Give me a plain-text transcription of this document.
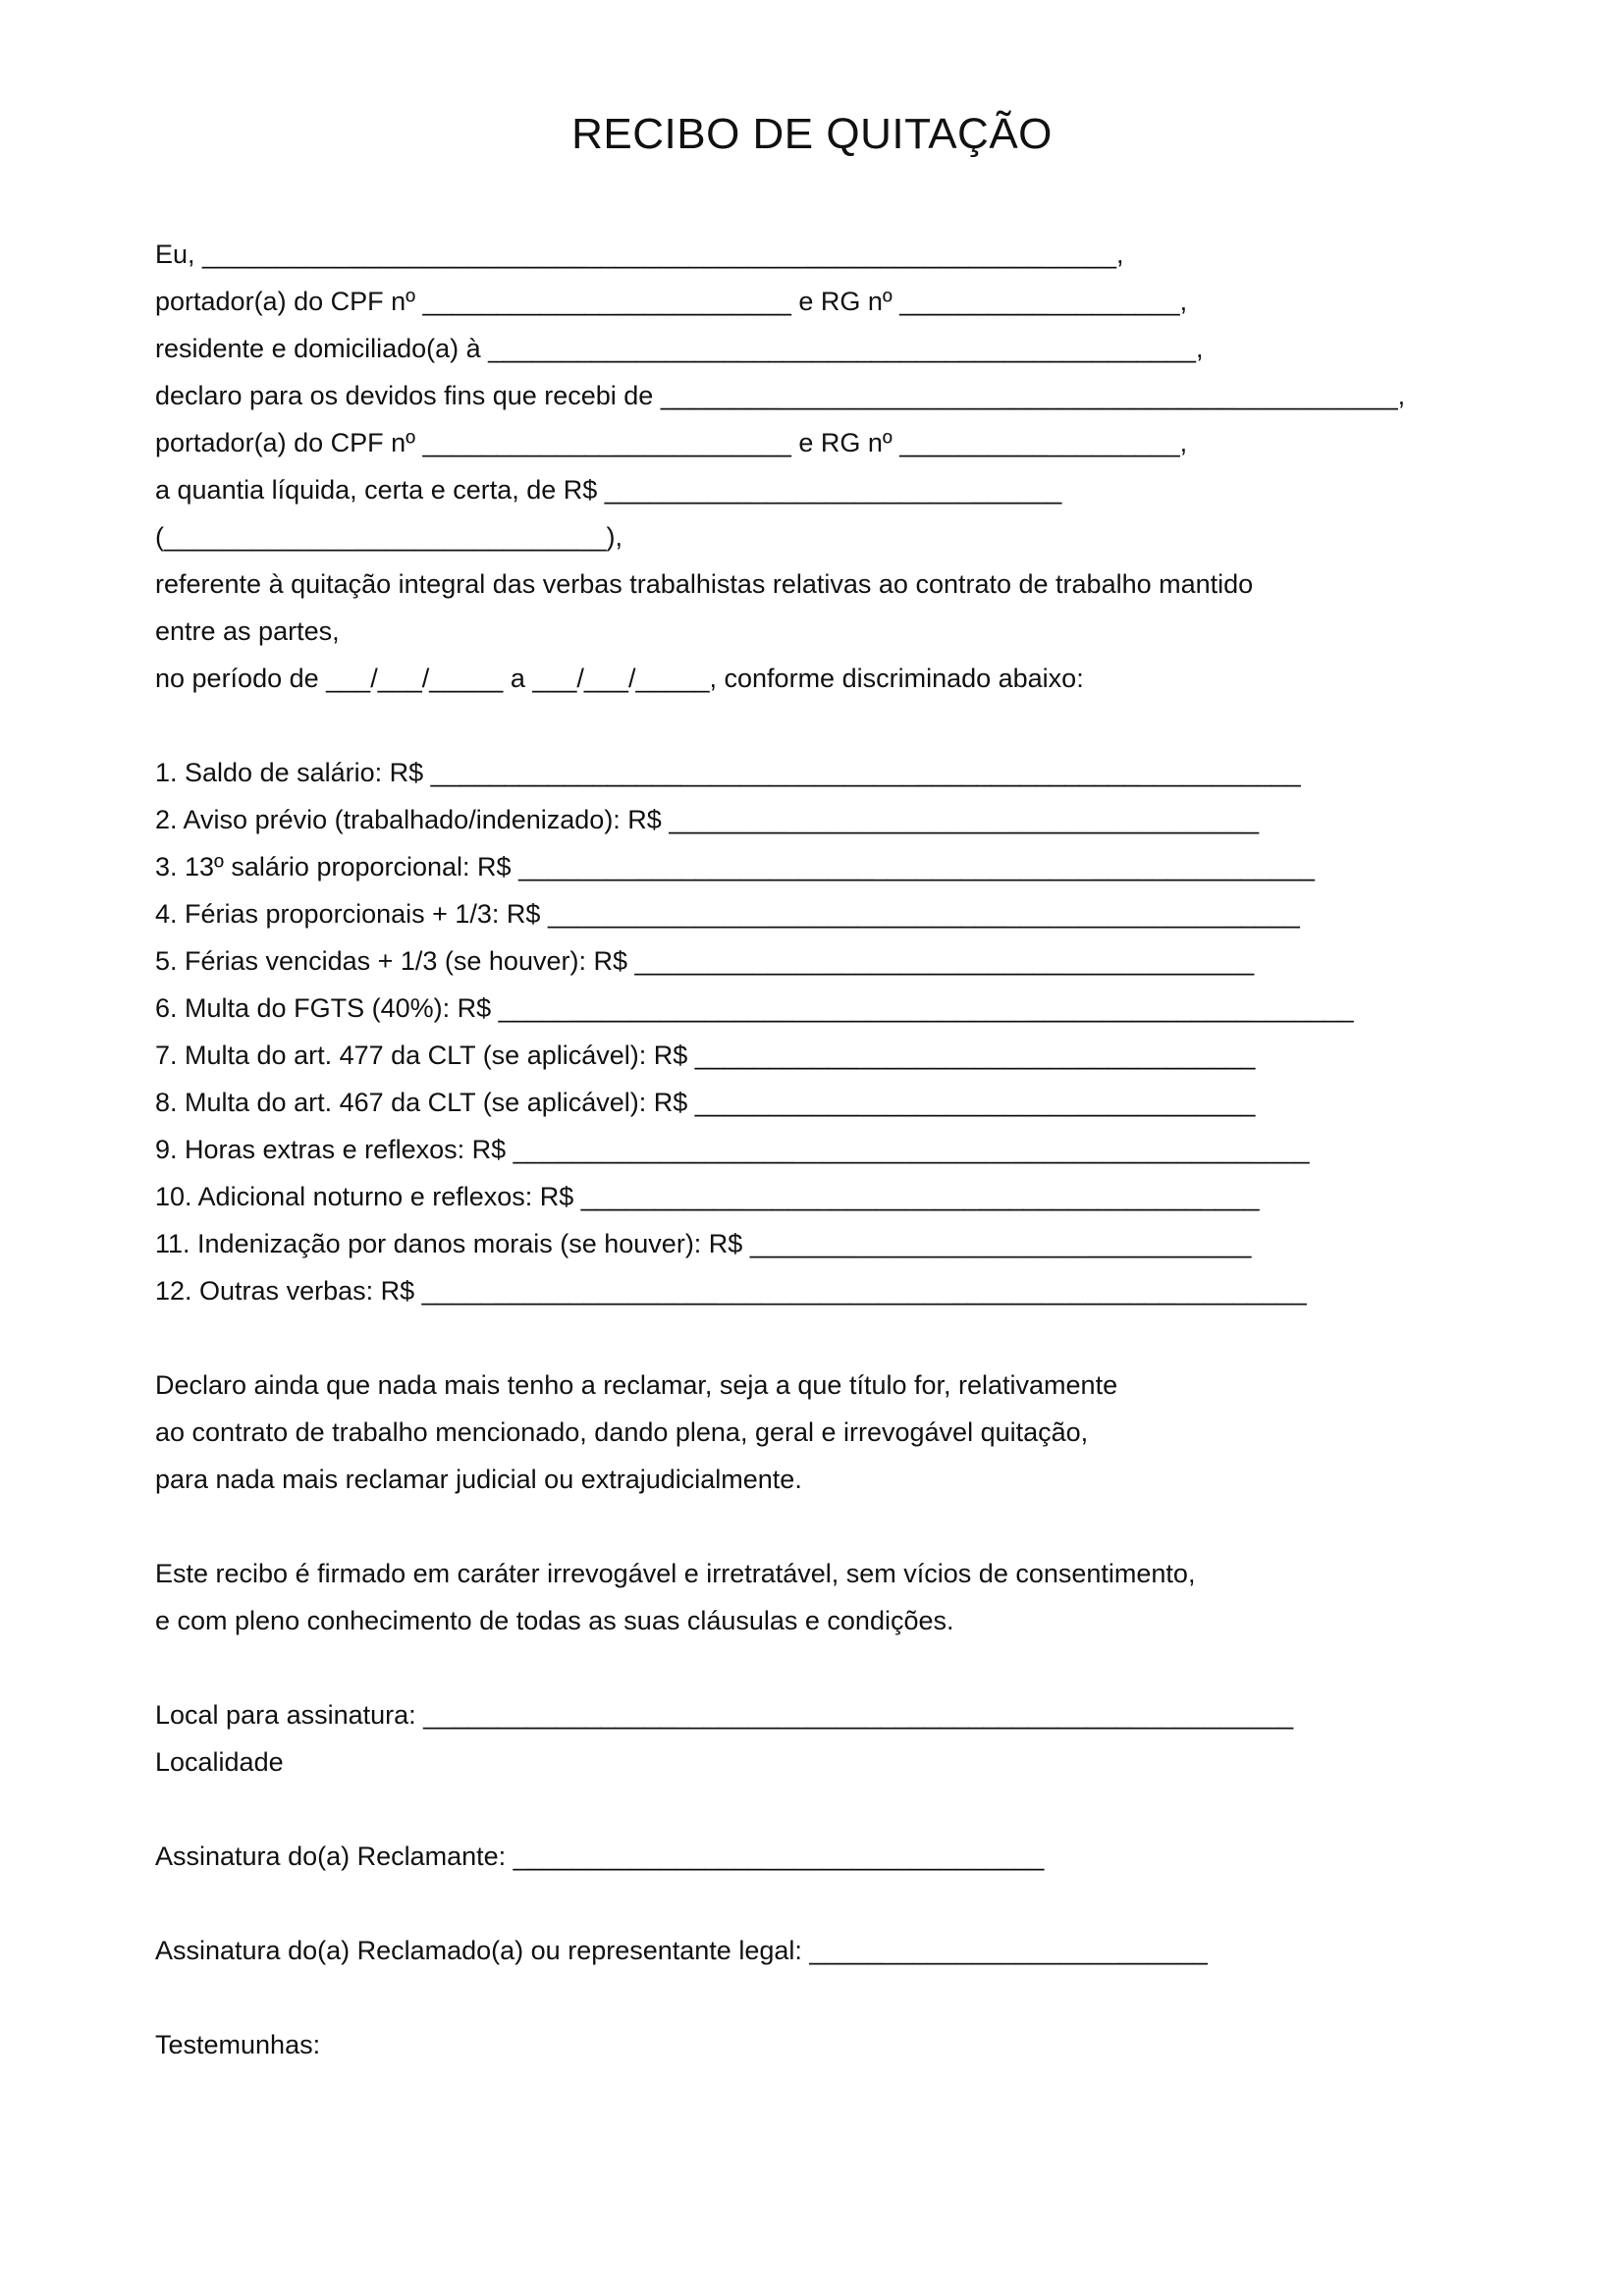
RECIBO DE QUITAÇÃO
Eu, ______________________________________________________________,
portador(a) do CPF nº _________________________ e RG nº ___________________,
residente e domiciliado(a) à ________________________________________________,
declaro para os devidos fins que recebi de __________________________________________________,
portador(a) do CPF nº _________________________ e RG nº ___________________,
a quantia líquida, certa e certa, de R$ _______________________________
(______________________________),
referente à quitação integral das verbas trabalhistas relativas ao contrato de trabalho mantido
entre as partes,
no período de ___/___/_____ a ___/___/_____, conforme discriminado abaixo:
1. Saldo de salário: R$ ___________________________________________________________
2. Aviso prévio (trabalhado/indenizado): R$ ________________________________________
3. 13º salário proporcional: R$ ______________________________________________________
4. Férias proporcionais + 1/3: R$ ___________________________________________________
5. Férias vencidas + 1/3 (se houver): R$ __________________________________________
6. Multa do FGTS (40%): R$ __________________________________________________________
7. Multa do art. 477 da CLT (se aplicável): R$ ______________________________________
8. Multa do art. 467 da CLT (se aplicável): R$ ______________________________________
9. Horas extras e reflexos: R$ ______________________________________________________
10. Adicional noturno e reflexos: R$ ______________________________________________
11. Indenização por danos morais (se houver): R$ __________________________________
12. Outras verbas: R$ ____________________________________________________________
Declaro ainda que nada mais tenho a reclamar, seja a que título for, relativamente
ao contrato de trabalho mencionado, dando plena, geral e irrevogável quitação,
para nada mais reclamar judicial ou extrajudicialmente.
Este recibo é firmado em caráter irrevogável e irretratável, sem vícios de consentimento,
e com pleno conhecimento de todas as suas cláusulas e condições.
Local para assinatura: ___________________________________________________________
Localidade
Assinatura do(a) Reclamante: ____________________________________
Assinatura do(a) Reclamado(a) ou representante legal: ___________________________
Testemunhas:
